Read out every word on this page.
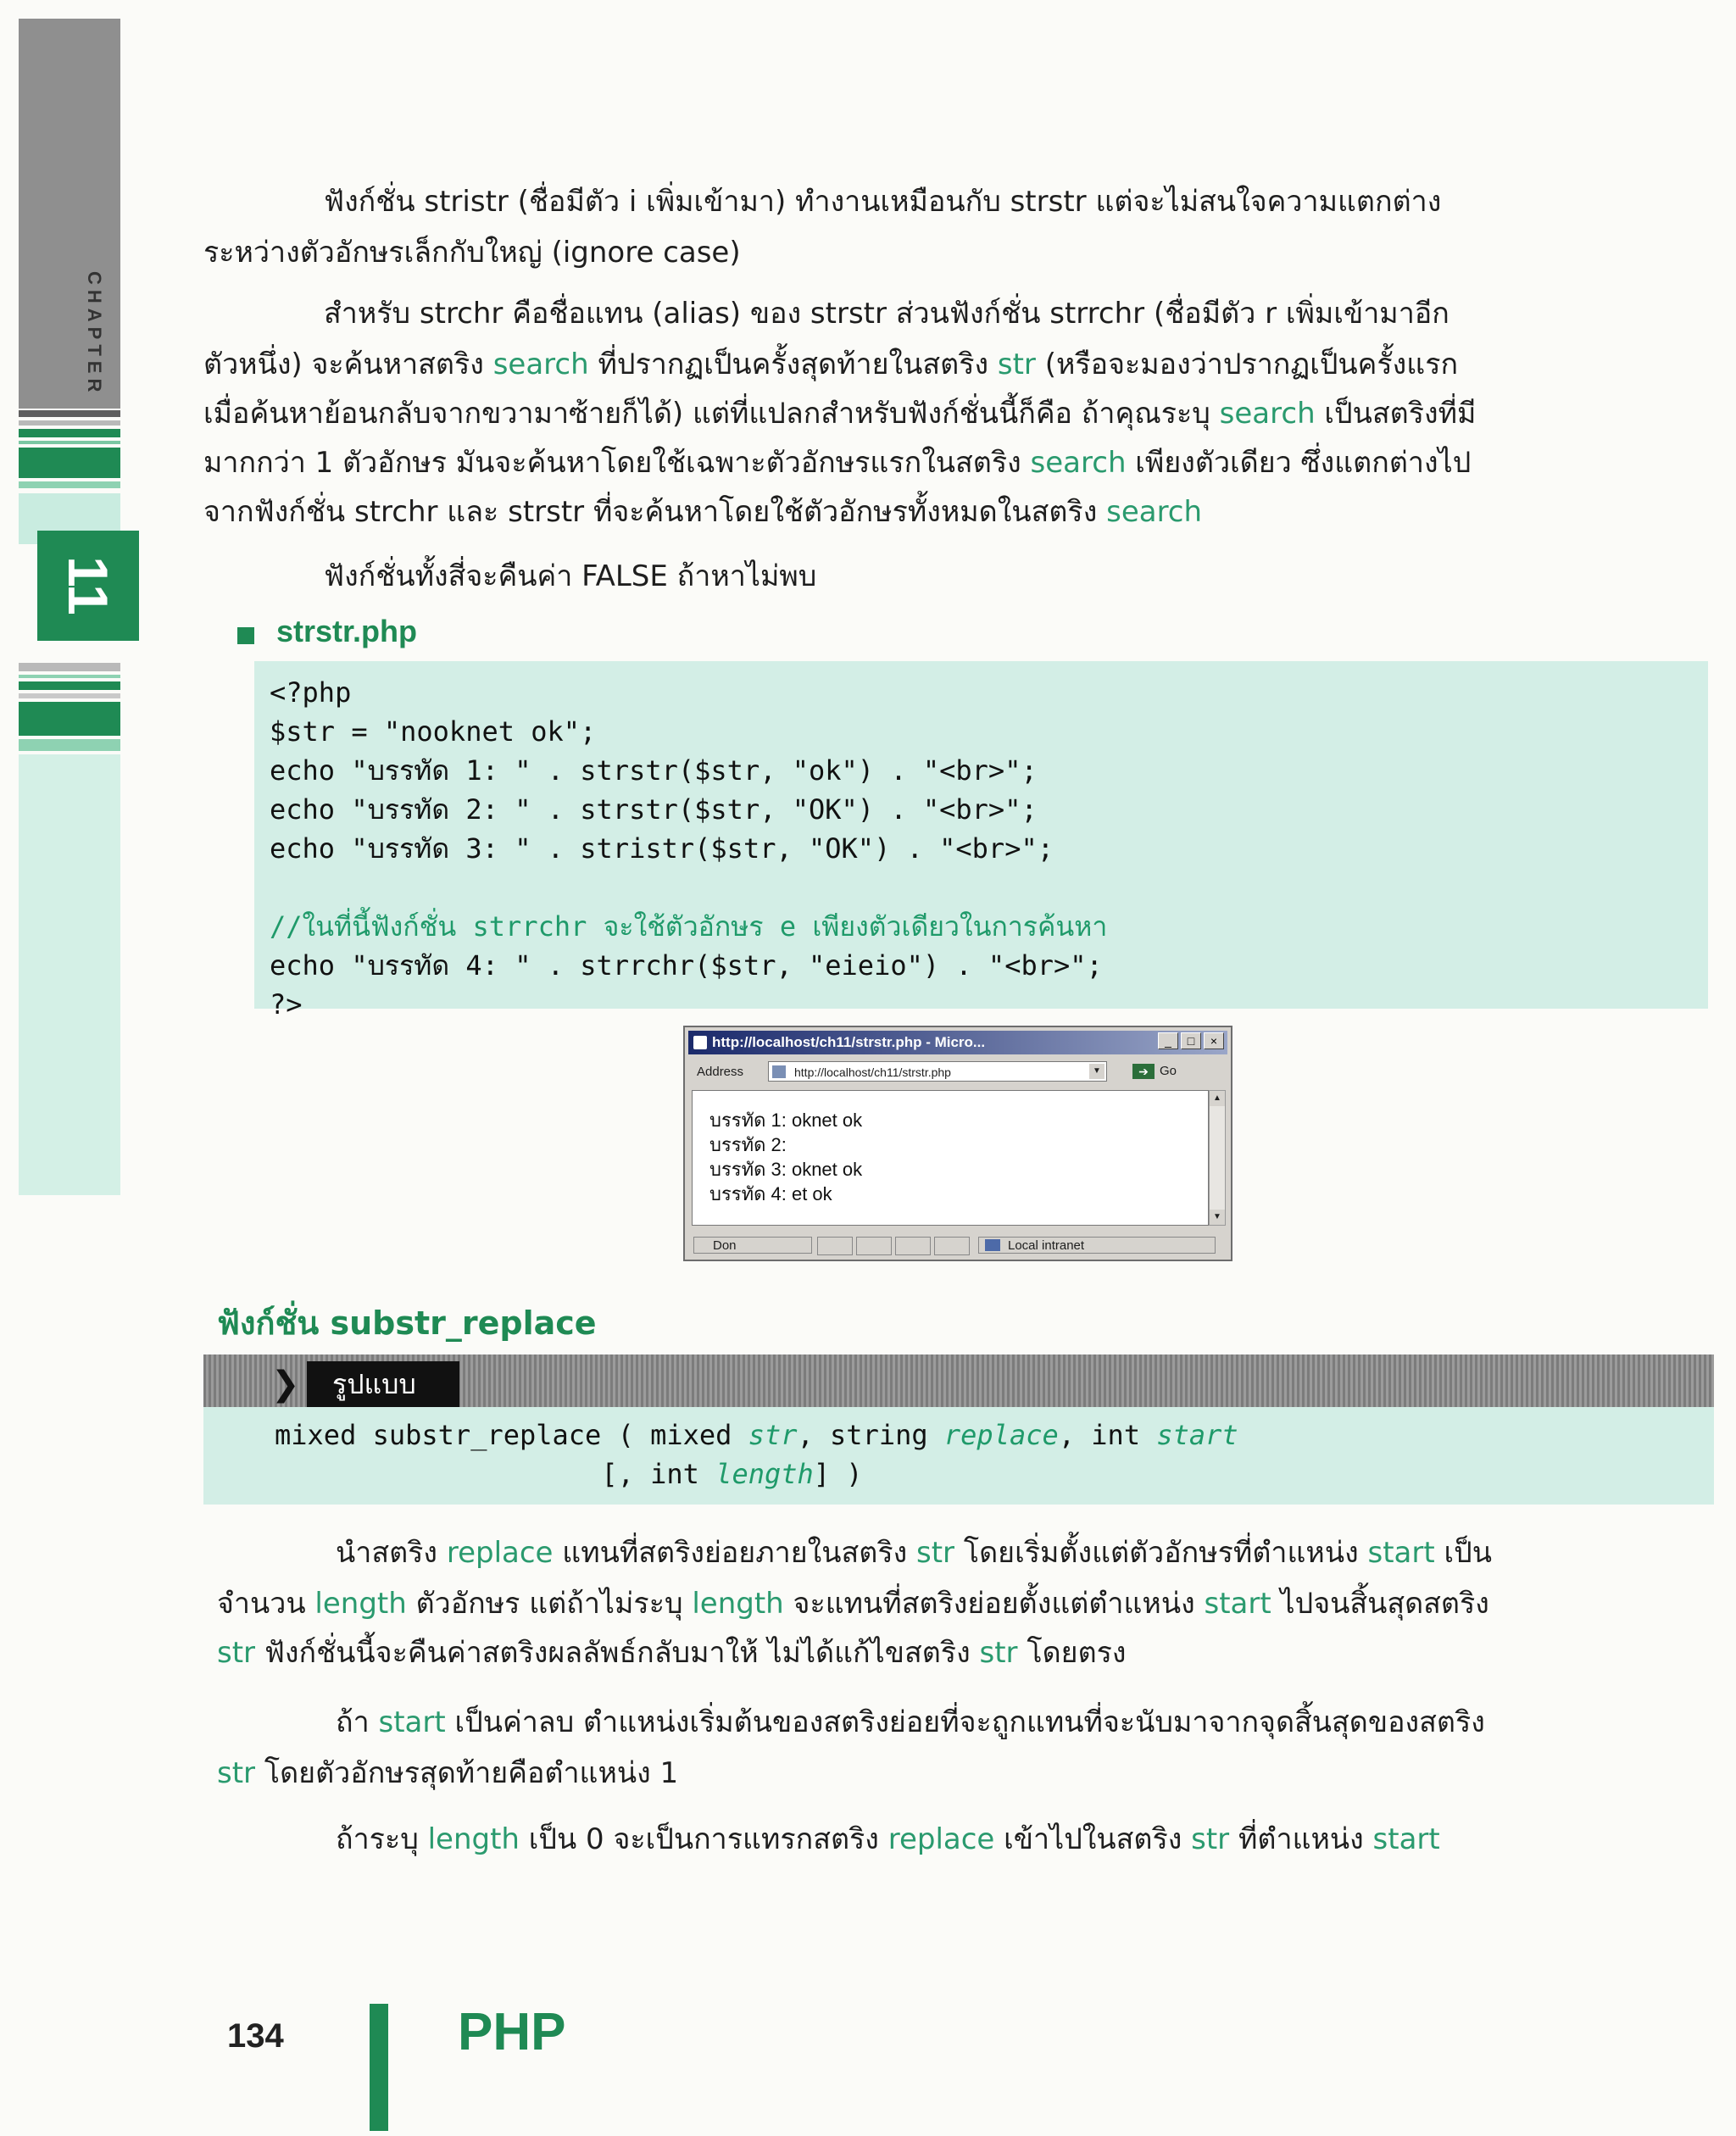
CHAPTER
11

ฟังก์ชั่น stristr (ชื่อมีตัว i เพิ่มเข้ามา) ทำงานเหมือนกับ strstr แต่จะไม่สนใจความแตกต่าง

ระหว่างตัวอักษรเล็กกับใหญ่ (ignore case)

สำหรับ strchr คือชื่อแทน (alias) ของ strstr ส่วนฟังก์ชั่น strrchr (ชื่อมีตัว r เพิ่มเข้ามาอีก

ตัวหนึ่ง) จะค้นหาสตริง search ที่ปรากฏเป็นครั้งสุดท้ายในสตริง str (หรือจะมองว่าปรากฏเป็นครั้งแรก

เมื่อค้นหาย้อนกลับจากขวามาซ้ายก็ได้) แต่ที่แปลกสำหรับฟังก์ชั่นนี้ก็คือ ถ้าคุณระบุ search เป็นสตริงที่มี

มากกว่า 1 ตัวอักษร มันจะค้นหาโดยใช้เฉพาะตัวอักษรแรกในสตริง search เพียงตัวเดียว ซึ่งแตกต่างไป

จากฟังก์ชั่น strchr และ strstr ที่จะค้นหาโดยใช้ตัวอักษรทั้งหมดในสตริง search

ฟังก์ชั่นทั้งสี่จะคืนค่า FALSE ถ้าหาไม่พบ

strstr.php
<?php
$str = "nooknet ok";
echo "บรรทัด 1: " . strstr($str, "ok") . "<br>";
echo "บรรทัด 2: " . strstr($str, "OK") . "<br>";
echo "บรรทัด 3: " . stristr($str, "OK") . "<br>";

//ในที่นี้ฟังก์ชั่น strrchr จะใช้ตัวอักษร e เพียงตัวเดียวในการค้นหา
echo "บรรทัด 4: " . strrchr($str, "eieio") . "<br>";
?>
http://localhost/ch11/strstr.php - Micro...	_	□	×
Address	http://localhost/ch11/strstr.php	▼	➔ Go
บรรทัด 1: oknet ok
บรรทัด 2:
บรรทัด 3: oknet ok
บรรทัด 4: et ok
▲
▼
Don	Local intranet
ฟังก์ชั่น substr_replace
❯	รูปแบบ
mixed substr_replace ( mixed str, string replace, int start
[, int length] )

นำสตริง replace แทนที่สตริงย่อยภายในสตริง str โดยเริ่มตั้งแต่ตัวอักษรที่ตำแหน่ง start เป็น

จำนวน length ตัวอักษร แต่ถ้าไม่ระบุ length จะแทนที่สตริงย่อยตั้งแต่ตำแหน่ง start ไปจนสิ้นสุดสตริง

str ฟังก์ชั่นนี้จะคืนค่าสตริงผลลัพธ์กลับมาให้ ไม่ได้แก้ไขสตริง str โดยตรง

ถ้า start เป็นค่าลบ ตำแหน่งเริ่มต้นของสตริงย่อยที่จะถูกแทนที่จะนับมาจากจุดสิ้นสุดของสตริง

str โดยตัวอักษรสุดท้ายคือตำแหน่ง 1

ถ้าระบุ length เป็น 0 จะเป็นการแทรกสตริง replace เข้าไปในสตริง str ที่ตำแหน่ง start

134	PHP
